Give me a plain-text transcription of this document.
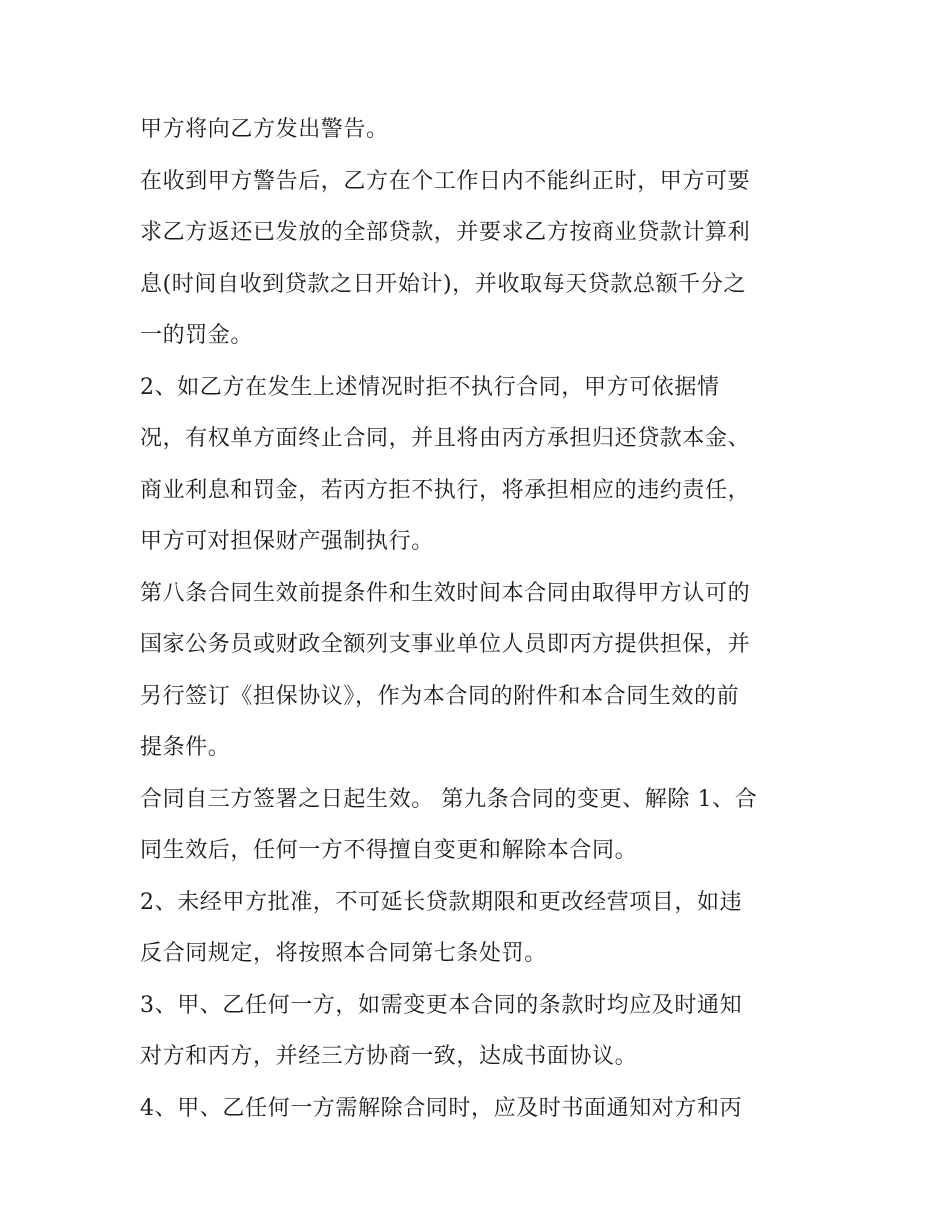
甲方将向乙方发出警告。
在收到甲方警告后，乙方在个工作日内不能纠正时，甲方可要
求乙方返还已发放的全部贷款，并要求乙方按商业贷款计算利
息(时间自收到贷款之日开始计)，并收取每天贷款总额千分之
一的罚金。
2、如乙方在发生上述情况时拒不执行合同，甲方可依据情
况，有权单方面终止合同，并且将由丙方承担归还贷款本金、
商业利息和罚金，若丙方拒不执行，将承担相应的违约责任，
甲方可对担保财产强制执行。
第八条合同生效前提条件和生效时间本合同由取得甲方认可的
国家公务员或财政全额列支事业单位人员即丙方提供担保，并
另行签订《担保协议》，作为本合同的附件和本合同生效的前
提条件。
合同自三方签署之日起生效。 第九条合同的变更、解除 1、合
同生效后，任何一方不得擅自变更和解除本合同。
2、未经甲方批准，不可延长贷款期限和更改经营项目，如违
反合同规定，将按照本合同第七条处罚。
3、甲、乙任何一方，如需变更本合同的条款时均应及时通知
对方和丙方，并经三方协商一致，达成书面协议。
4、甲、乙任何一方需解除合同时，应及时书面通知对方和丙
